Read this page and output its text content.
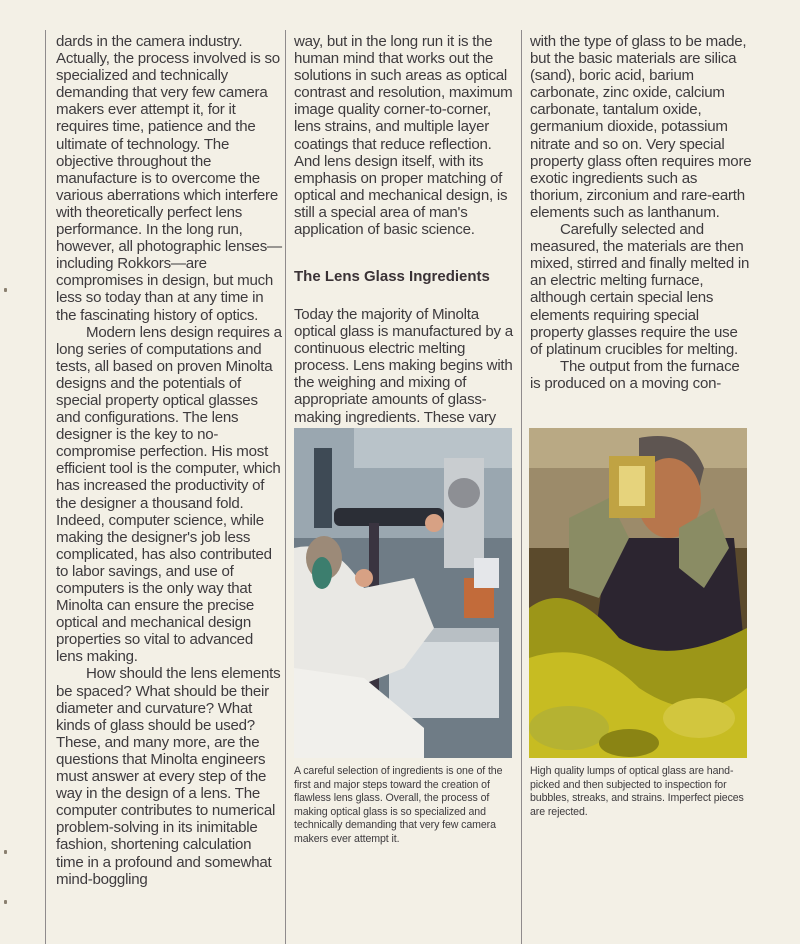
dards in the camera industry. Actually, the process involved is so specialized and technically demanding that very few camera makers ever attempt it, for it requires time, patience and the ultimate of technology. The objective throughout the manufacture is to overcome the various aberrations which interfere with theoretically perfect lens performance. In the long run, however, all photographic lenses—including Rokkors—are compromises in design, but much less so today than at any time in the fascinating history of optics.

Modern lens design requires a long series of computations and tests, all based on proven Minolta designs and the potentials of special property optical glasses and configurations. The lens designer is the key to no-compromise perfection. His most efficient tool is the computer, which has increased the productivity of the designer a thousand fold. Indeed, computer science, while making the designer's job less complicated, has also contributed to labor savings, and use of computers is the only way that Minolta can ensure the precise optical and mechanical design properties so vital to advanced lens making.

How should the lens elements be spaced? What should be their diameter and curvature? What kinds of glass should be used? These, and many more, are the questions that Minolta engineers must answer at every step of the way in the design of a lens. The computer contributes to numerical problem-solving in its inimitable fashion, shortening calculation time in a profound and somewhat mind-boggling

way, but in the long run it is the human mind that works out the solutions in such areas as optical contrast and resolution, maximum image quality corner-to-corner, lens strains, and multiple layer coatings that reduce reflection. And lens design itself, with its emphasis on proper matching of optical and mechanical design, is still a special area of man's application of basic science.

The Lens Glass Ingredients

Today the majority of Minolta optical glass is manufactured by a continuous electric melting process. Lens making begins with the weighing and mixing of appropriate amounts of glass-making ingredients. These vary

with the type of glass to be made, but the basic materials are silica (sand), boric acid, barium carbonate, zinc oxide, calcium carbonate, tantalum oxide, germanium dioxide, potassium nitrate and so on. Very special property glass often requires more exotic ingredients such as thorium, zirconium and rare-earth elements such as lanthanum.

Carefully selected and measured, the materials are then mixed, stirred and finally melted in an electric melting furnace, although certain special lens elements requiring special property glasses require the use of platinum crucibles for melting.

The output from the furnace is produced on a moving con-

A careful selection of ingredients is one of the first and major steps toward the creation of flawless lens glass. Overall, the process of making optical glass is so specialized and technically demanding that very few camera makers ever attempt it.
High quality lumps of optical glass are hand-picked and then subjected to inspection for bubbles, streaks, and strains. Imperfect pieces are rejected.
